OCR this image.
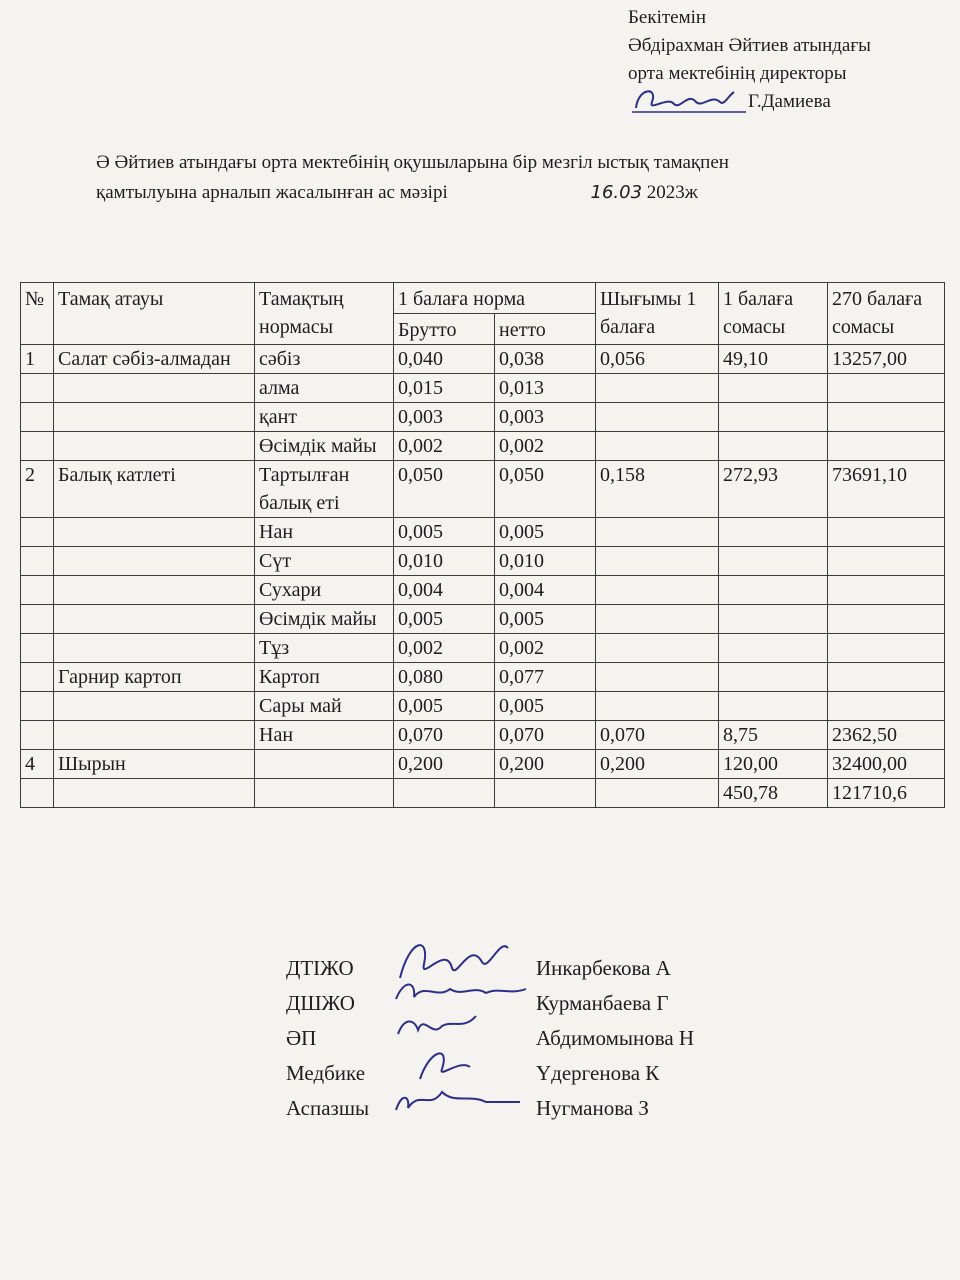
Бекітемін
Әбдірахман Әйтиев атындағы
орта мектебінің директоры
Г.Дамиева
Ә Әйтиев атындағы орта мектебінің оқушыларына бір мезгіл ыстық тамақпен
қамтылуына арналып жасалынған ас мәзірі	16.03 2023ж
№	Тамақ атауы	Тамақтың нормасы	1 балаға норма		Шығымы 1 балаға	1 балаға сомасы	270 балаға сомасы
			Брутто	нетто			
1	Салат сәбіз-алмадан	сәбіз	0,040	0,038	0,056	49,10	13257,00
		алма	0,015	0,013			
		қант	0,003	0,003			
		Өсімдік майы	0,002	0,002			
2	Балық катлеті	Тартылған балық еті	0,050	0,050	0,158	272,93	73691,10
		Нан	0,005	0,005			
		Сүт	0,010	0,010			
		Сухари	0,004	0,004			
		Өсімдік майы	0,005	0,005			
		Тұз	0,002	0,002			
	Гарнир картоп	Картоп	0,080	0,077			
		Сары май	0,005	0,005			
		Нан	0,070	0,070	0,070	8,75	2362,50
4	Шырын		0,200	0,200	0,200	120,00	32400,00
						450,78	121710,6
ДТІЖО	Инкарбекова А
ДШЖО	Курманбаева Г
ӘП	Абдимомынова Н
Медбике	Үдергенова К
Аспазшы	Нугманова З
